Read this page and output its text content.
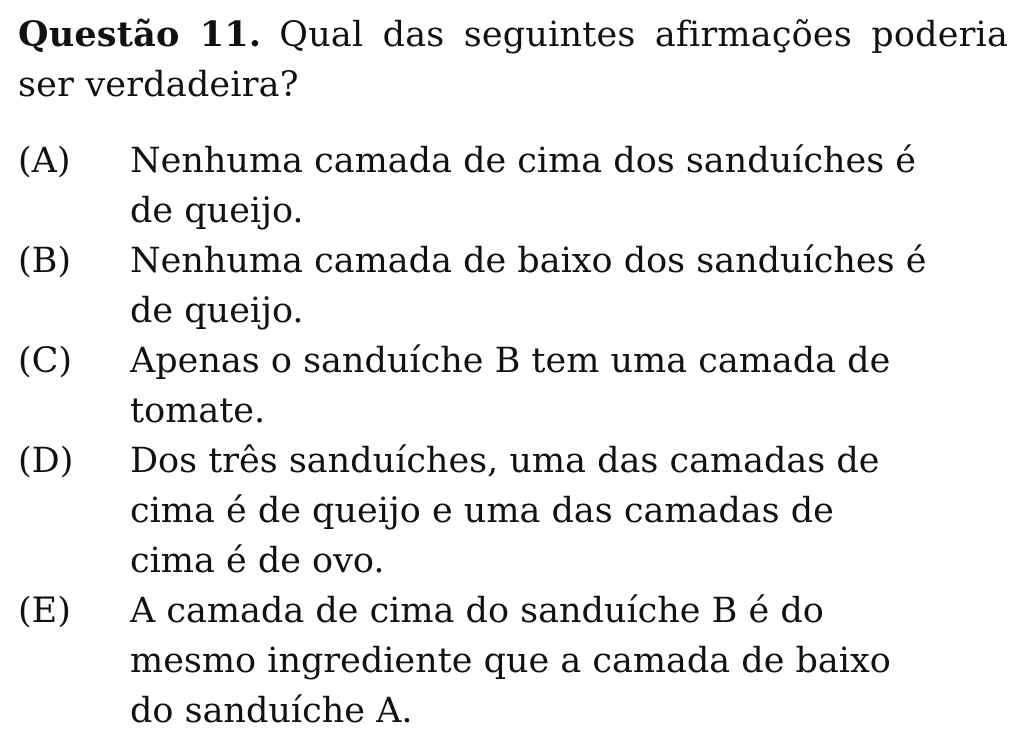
Questão 11. Qual das seguintes afirmações poderia ser verdadeira?
(A)	Nenhuma camada de cima dos sanduíches é
de queijo.
(B)	Nenhuma camada de baixo dos sanduíches é
de queijo.
(C)	Apenas o sanduíche B tem uma camada de
tomate.
(D)	Dos três sanduíches, uma das camadas de
cima é de queijo e uma das camadas de
cima é de ovo.
(E)	A camada de cima do sanduíche B é do
mesmo ingrediente que a camada de baixo
do sanduíche A.
